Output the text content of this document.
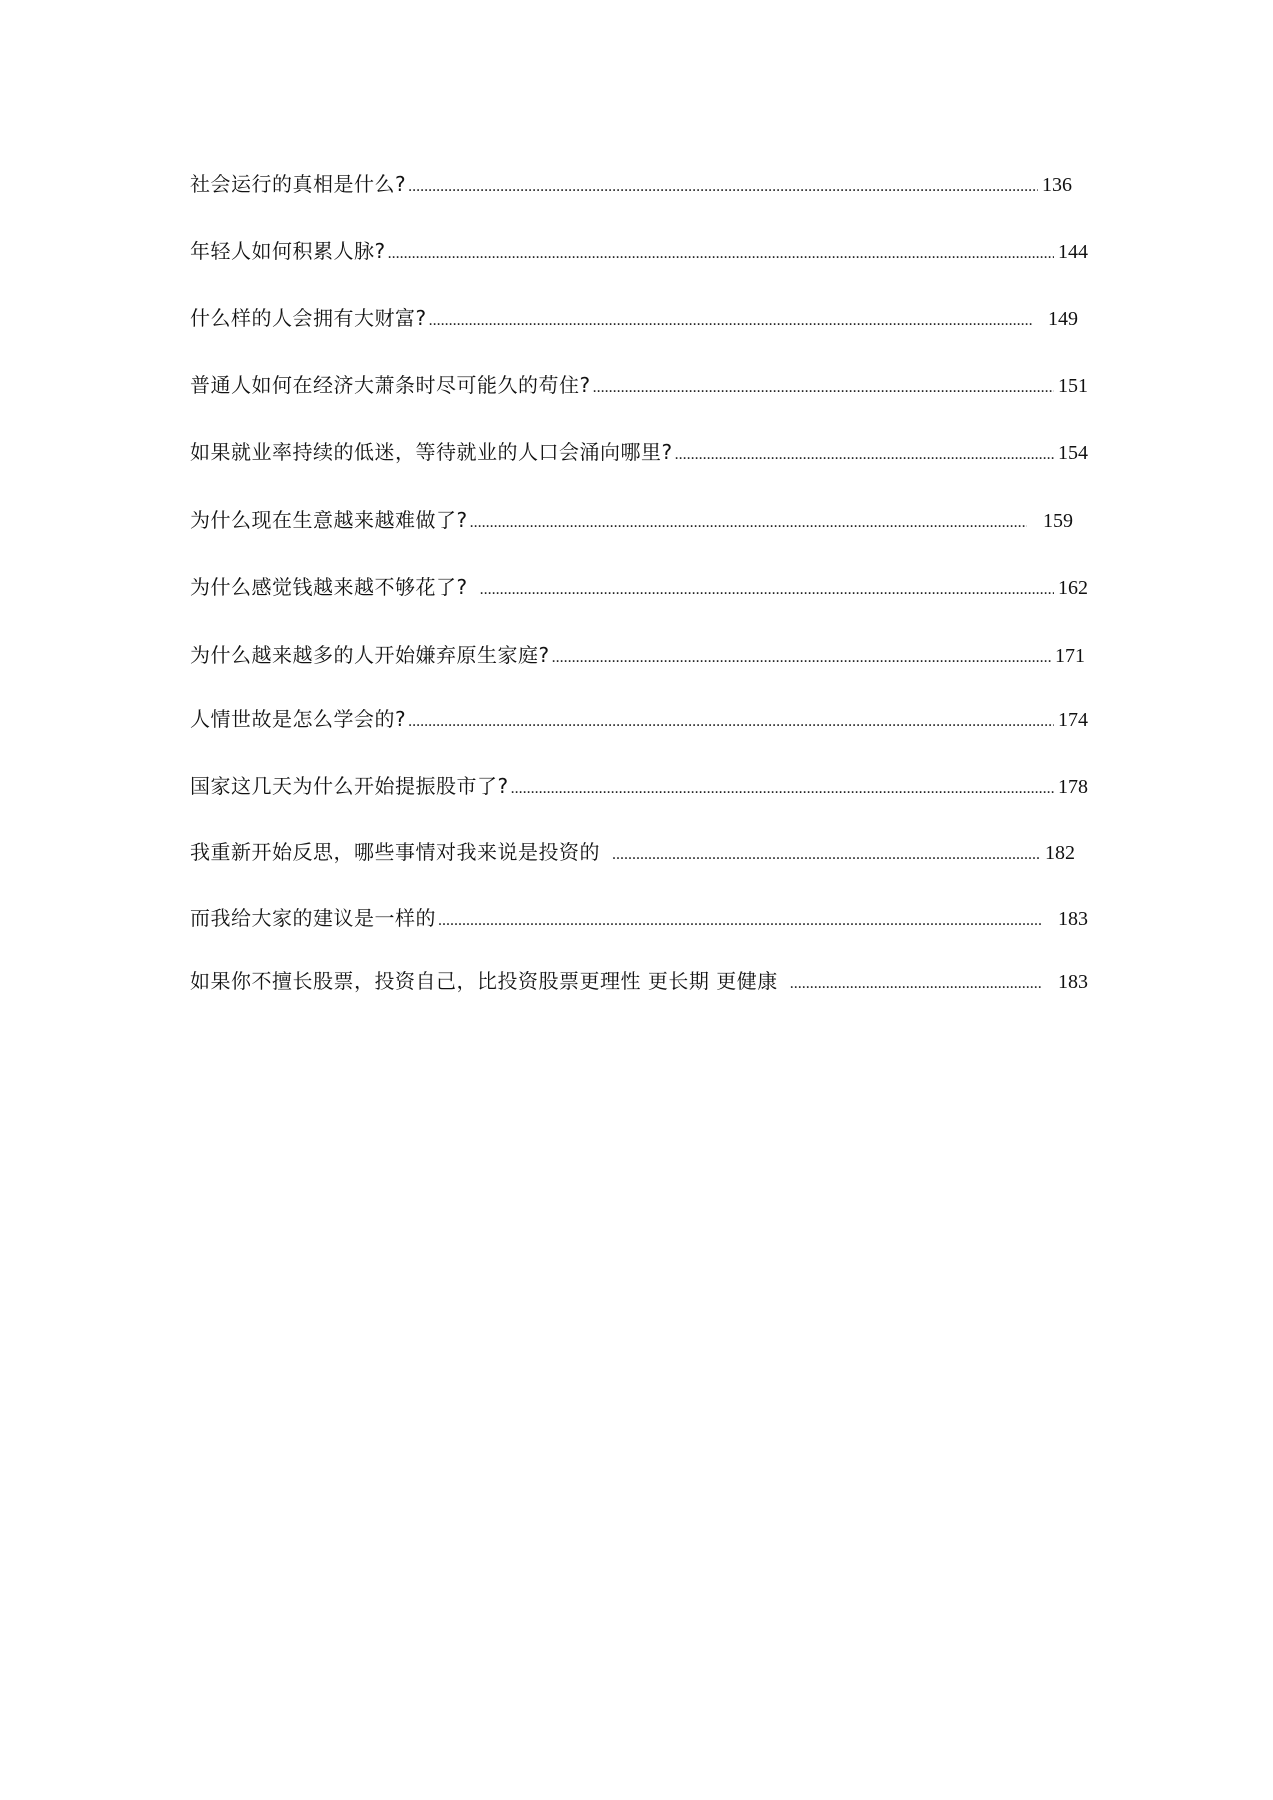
社会运行的真相是什么? .....	136
年轻人如何积累人脉? .....	144
什么样的人会拥有大财富? .....	149
普通人如何在经济大萧条时尽可能久的苟住? .....	151
如果就业率持续的低迷，等待就业的人口会涌向哪里? .....	154
为什么现在生意越来越难做了? .....	159
为什么感觉钱越来越不够花了? .....	162
为什么越来越多的人开始嫌弃原生家庭? .....	171
人情世故是怎么学会的? .....	174
国家这几天为什么开始提振股市了? .....	178
我重新开始反思，哪些事情对我来说是投资的 .....	182
而我给大家的建议是一样的 .....	183
如果你不擅长股票，投资自己，比投资股票更理性 更长期 更健康 .....	183
